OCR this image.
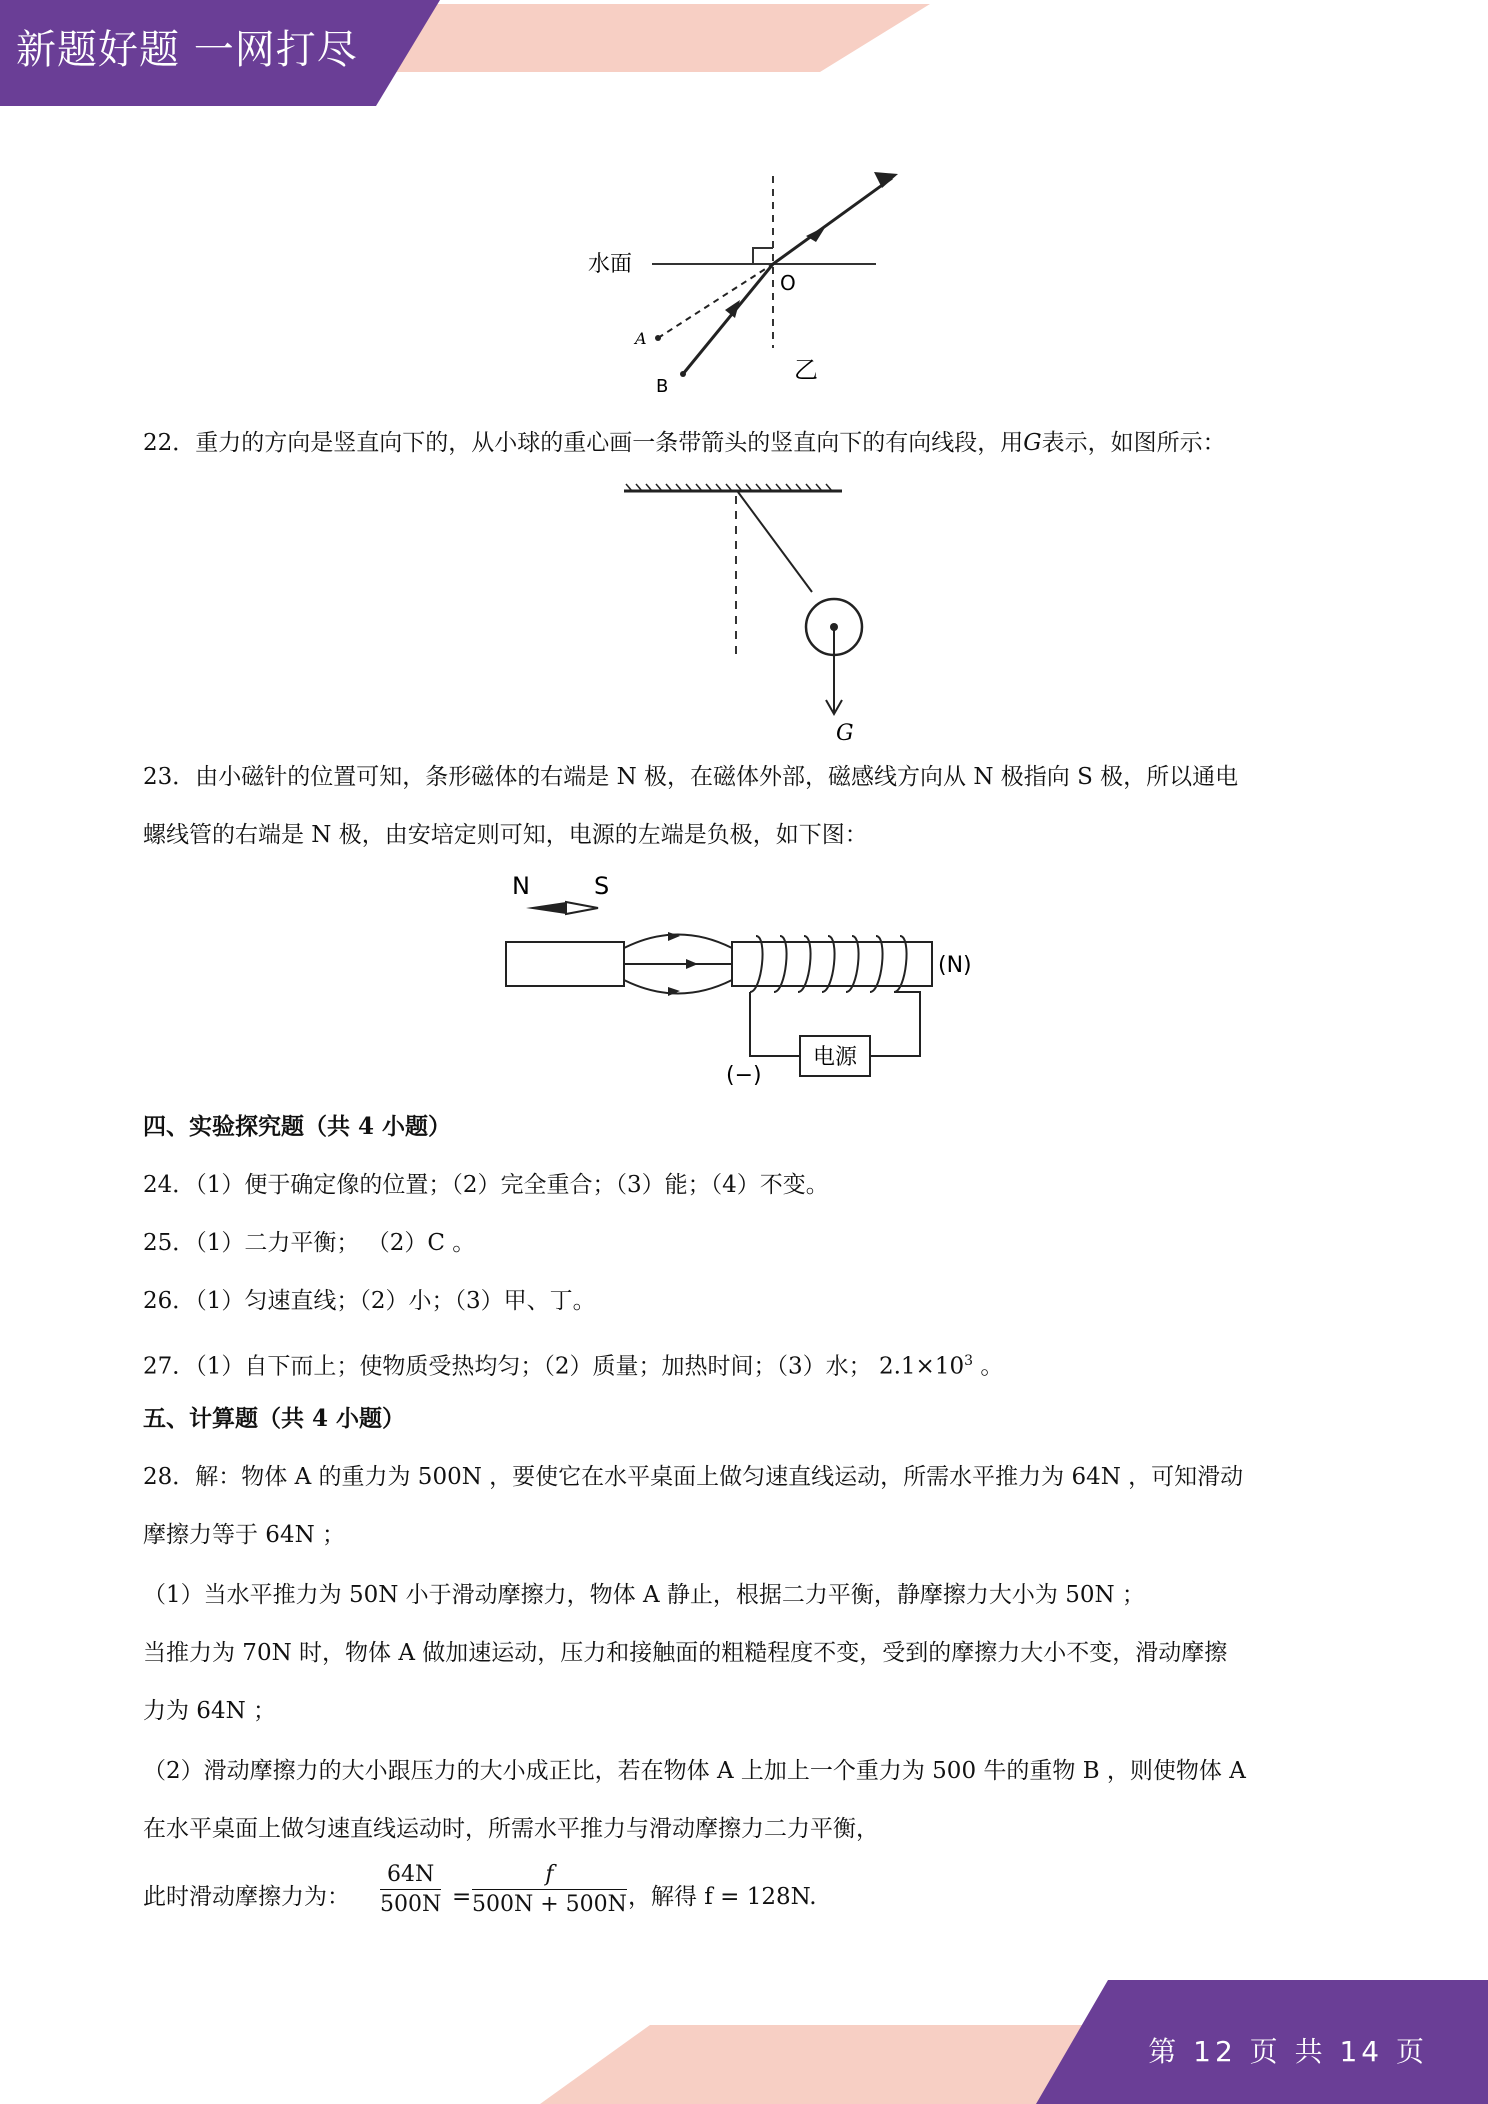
新题好题 一网打尽
第 12 页 共 14 页
水面
O
A
B
乙
22．重力的方向是竖直向下的，从小球的重心画一条带箭头的竖直向下的有向线段，用G表示，如图所示：
G
23．由小磁针的位置可知，条形磁体的右端是 N 极，在磁体外部，磁感线方向从 N 极指向 S 极，所以通电
螺线管的右端是 N 极，由安培定则可知，电源的左端是负极，如下图：
N	S
(N)
电源
(−)
四、实验探究题（共 4 小题）
24．（1）便于确定像的位置；（2）完全重合；（3）能；（4）不变。
25．（1）二力平衡； （2）C 。
26．（1）匀速直线；（2）小；（3）甲、丁。
27．（1）自下而上；使物质受热均匀；（2）质量；加热时间；（3）水； $2.1\times 10^3$ 。
五、计算题（共 4 小题）
28．解：物体 A 的重力为 500N ，要使它在水平桌面上做匀速直线运动，所需水平推力为 64N ，可知滑动
摩擦力等于 64N ；
（1）当水平推力为 50N 小于滑动摩擦力，物体 A 静止，根据二力平衡，静摩擦力大小为 50N ；
当推力为 70N 时，物体 A 做加速运动，压力和接触面的粗糙程度不变，受到的摩擦力大小不变，滑动摩擦
力为 64N ；
（2）滑动摩擦力的大小跟压力的大小成正比，若在物体 A 上加上一个重力为 500 牛的重物 B ，则使物体 A
在水平桌面上做匀速直线运动时，所需水平推力与滑动摩擦力二力平衡，
此时滑动摩擦力为： $\frac{64N}{500N} = \frac{f}{500N + 500N}$ ，解得 f = 128N.
